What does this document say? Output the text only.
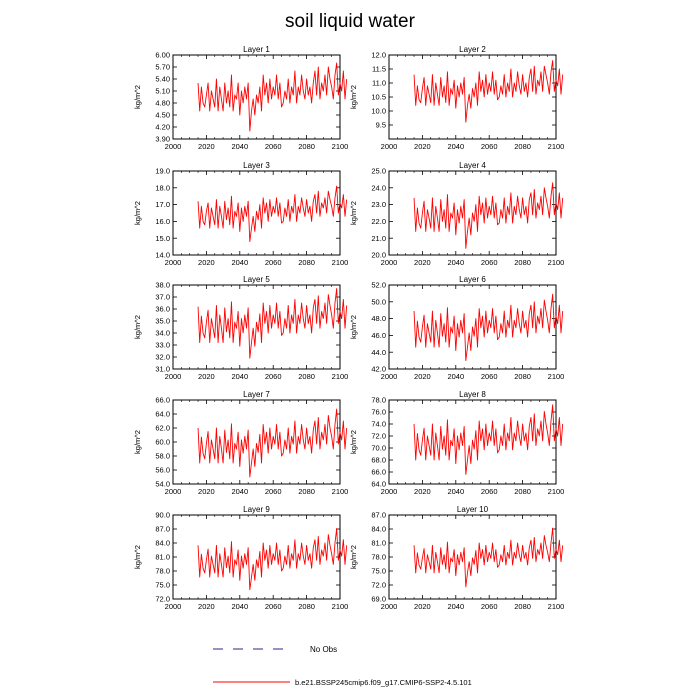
soil liquid water
Layer 1
kg/m^2
2000 2020 2040 2060 2080 2100
3.90
4.20
4.50
4.80
5.10
5.40
5.70
6.00
Layer 2
kg/m^2
2000 2020 2040 2060 2080 2100
9.5
10.0
10.5
11.0
11.5
12.0
Layer 3
kg/m^2
2000 2020 2040 2060 2080 2100
14.0
15.0
16.0
17.0
18.0
19.0
Layer 4
kg/m^2
2000 2020 2040 2060 2080 2100
20.0
21.0
22.0
23.0
24.0
25.0
Layer 5
kg/m^2
2000 2020 2040 2060 2080 2100
31.0
32.0
33.0
34.0
35.0
36.0
37.0
38.0
Layer 6
kg/m^2
2000 2020 2040 2060 2080 2100
42.0
44.0
46.0
48.0
50.0
52.0
Layer 7
kg/m^2
2000 2020 2040 2060 2080 2100
54.0
56.0
58.0
60.0
62.0
64.0
66.0
Layer 8
kg/m^2
2000 2020 2040 2060 2080 2100
64.0
66.0
68.0
70.0
72.0
74.0
76.0
78.0
Layer 9
kg/m^2
2000 2020 2040 2060 2080 2100
72.0
75.0
78.0
81.0
84.0
87.0
90.0
Layer 10
kg/m^2
2000 2020 2040 2060 2080 2100
69.0
72.0
75.0
78.0
81.0
84.0
87.0
No Obs
b.e21.BSSP245cmip6.f09_g17.CMIP6-SSP2-4.5.101
